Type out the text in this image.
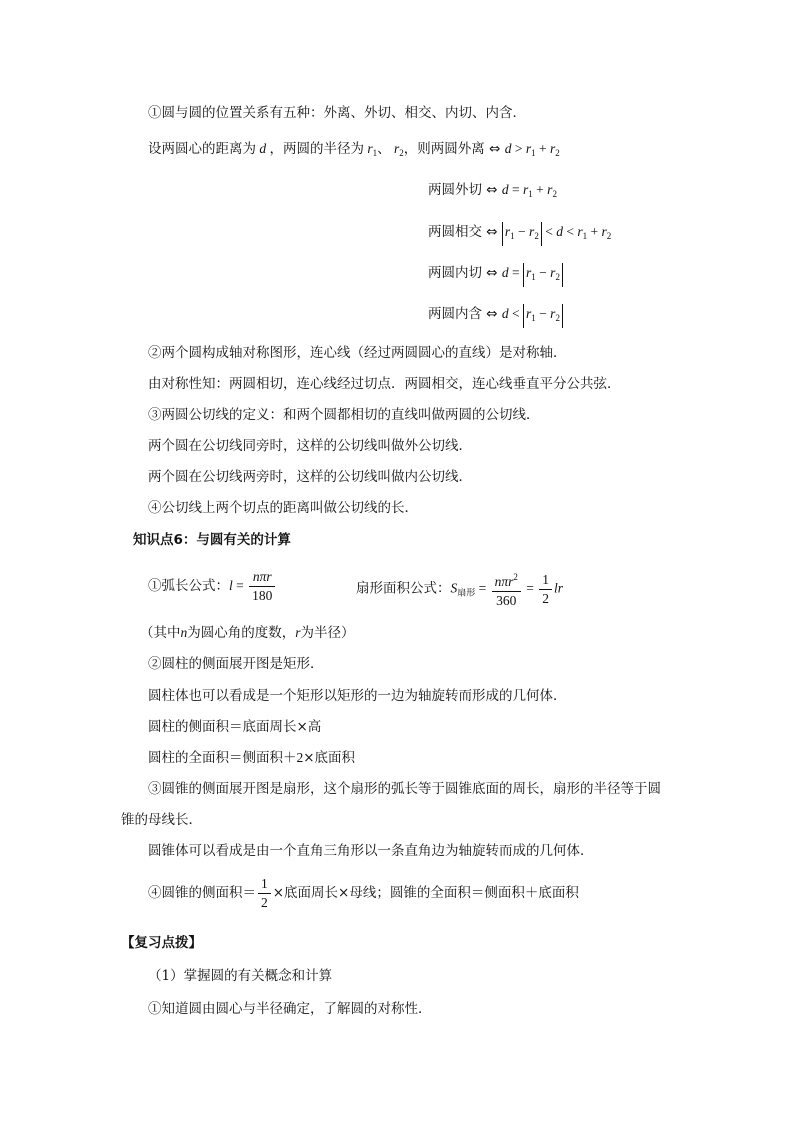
①圆与圆的位置关系有五种：外离、外切、相交、内切、内含．
设两圆心的距离为 d ，两圆的半径为 $r_1$、 $r_2$，则两圆外离 ⇔ $d > r_1 + r_2$
两圆外切 ⇔ $d = r_1 + r_2$
两圆相交 ⇔ $r_1 - r_2 < d < r_1 + r_2$
两圆内切 ⇔ $d = r_1 - r_2$
两圆内含 ⇔ $d < r_1 - r_2$
②两个圆构成轴对称图形，连心线（经过两圆圆心的直线）是对称轴．
由对称性知：两圆相切，连心线经过切点．两圆相交，连心线垂直平分公共弦．
③两圆公切线的定义：和两个圆都相切的直线叫做两圆的公切线．
两个圆在公切线同旁时，这样的公切线叫做外公切线．
两个圆在公切线两旁时，这样的公切线叫做内公切线．
④公切线上两个切点的距离叫做公切线的长．
知识点6：与圆有关的计算
①弧长公式：$l = \frac{\text{nπr}}{180}$	扇形面积公式：$S_{扇形} = \frac{n\pi r^2}{360} = \frac{1}{2}$ lr
（其中n为圆心角的度数，r为半径）
②圆柱的侧面展开图是矩形．
圆柱体也可以看成是一个矩形以矩形的一边为轴旋转而形成的几何体．
圆柱的侧面积＝底面周长×高
圆柱的全面积＝侧面积＋2×底面积
③圆锥的侧面展开图是扇形，这个扇形的弧长等于圆锥底面的周长，扇形的半径等于圆
锥的母线长．
圆锥体可以看成是由一个直角三角形以一条直角边为轴旋转而成的几何体．
④圆锥的侧面积＝ $\frac{1}{2}$ ×底面周长×母线；圆锥的全面积＝侧面积＋底面积
【复习点拨】
（1）掌握圆的有关概念和计算
①知道圆由圆心与半径确定，了解圆的对称性．
